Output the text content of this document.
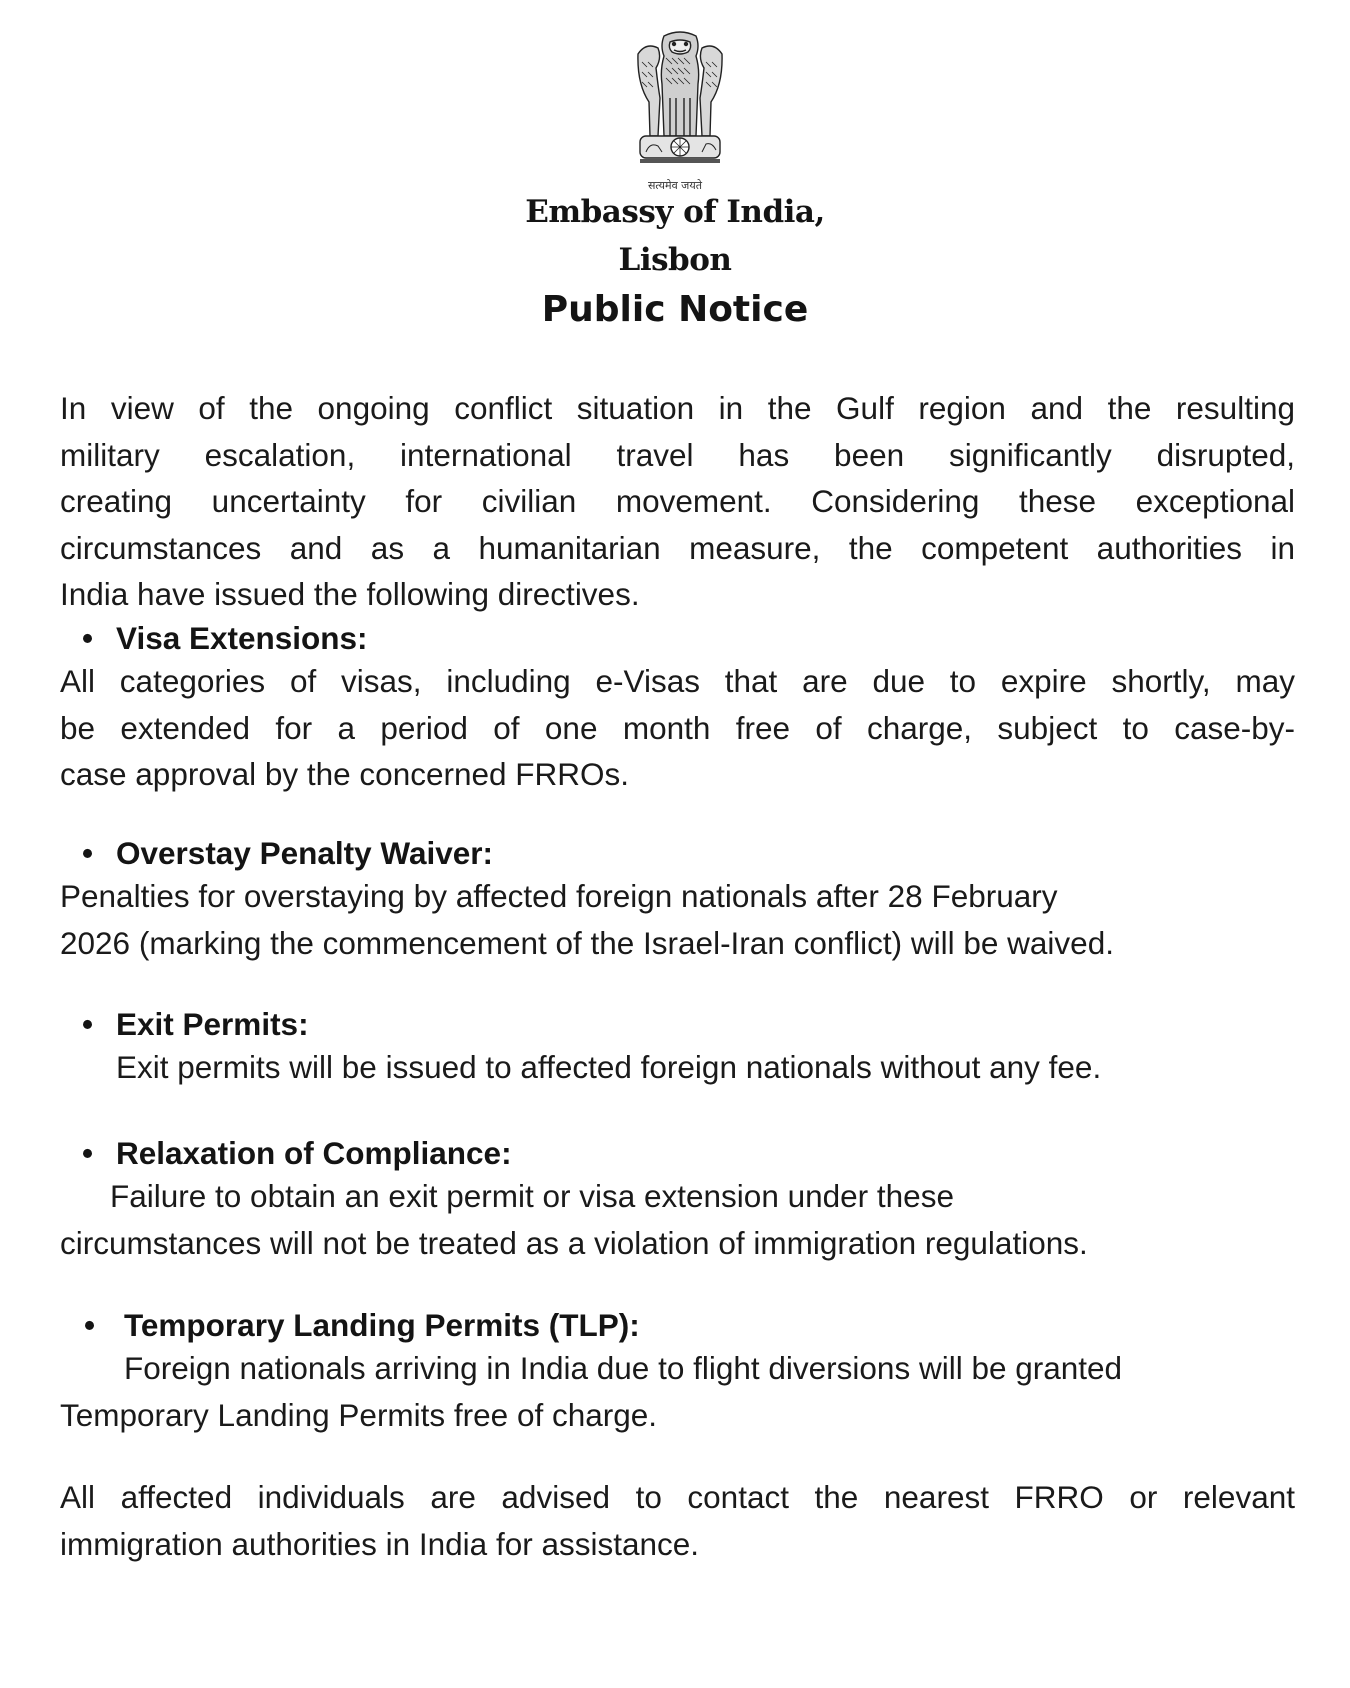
सत्यमेव जयते
Embassy of India,
Lisbon
Public Notice
In view of the ongoing conflict situation in the Gulf region and the resulting
military escalation, international travel has been significantly disrupted,
creating uncertainty for civilian movement. Considering these exceptional
circumstances and as a humanitarian measure, the competent authorities in
India have issued the following directives.
• Visa Extensions:
All categories of visas, including e-Visas that are due to expire shortly, may
be extended for a period of one month free of charge, subject to case-by-
case approval by the concerned FRROs.
• Overstay Penalty Waiver:
Penalties for overstaying by affected foreign nationals after 28 February
2026 (marking the commencement of the Israel-Iran conflict) will be waived.
• Exit Permits:
Exit permits will be issued to affected foreign nationals without any fee.
• Relaxation of Compliance:
Failure to obtain an exit permit or visa extension under these
circumstances will not be treated as a violation of immigration regulations.
• Temporary Landing Permits (TLP):
Foreign nationals arriving in India due to flight diversions will be granted
Temporary Landing Permits free of charge.
All affected individuals are advised to contact the nearest FRRO or relevant
immigration authorities in India for assistance.
